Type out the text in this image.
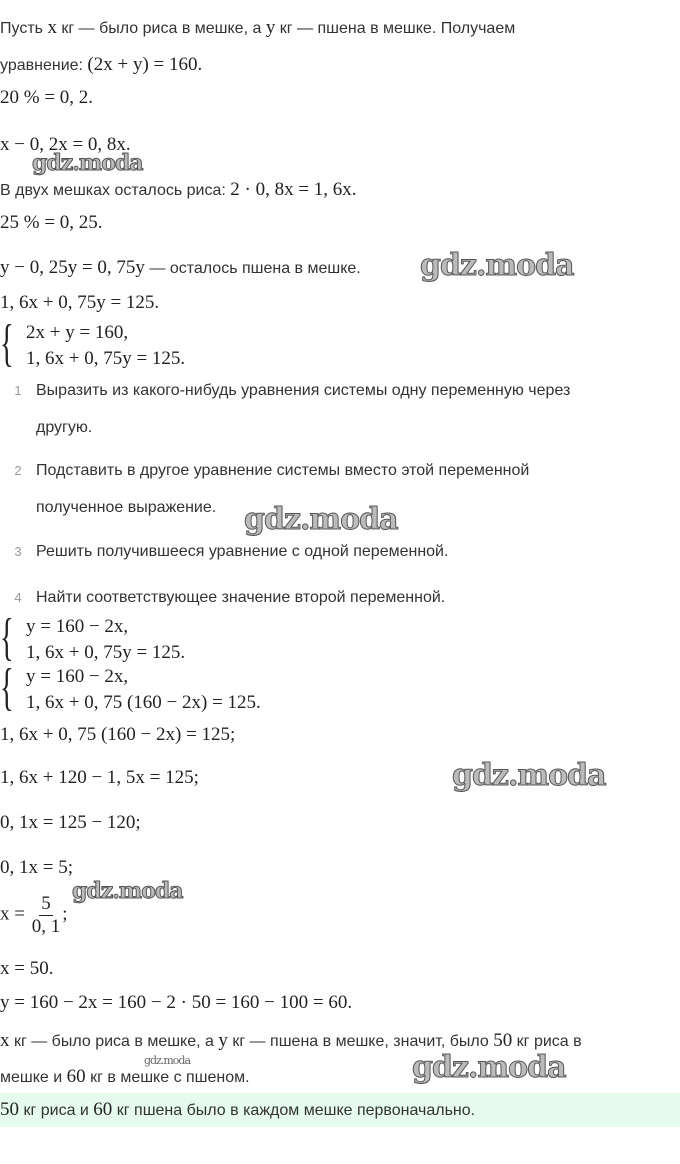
Пусть x кг — было риса в мешке, а y кг — пшена в мешке. Получаем
уравнение: (2x + y) = 160.
20 % = 0, 2.
x − 0, 2x = 0, 8x.
В двух мешках осталось риса: 2 · 0, 8x = 1, 6x.
25 % = 0, 25.
y − 0, 25y = 0, 75y — осталось пшена в мешке.
1, 6x + 0, 75y = 125.
{ 2x + y = 160,
1, 6x + 0, 75y = 125.
1 Выразить из какого-нибудь уравнения системы одну переменную через
другую.
2 Подставить в другое уравнение системы вместо этой переменной
полученное выражение.
3 Решить получившееся уравнение с одной переменной.
4 Найти соответствующее значение второй переменной.
{ y = 160 − 2x,
1, 6x + 0, 75y = 125.
{ y = 160 − 2x,
1, 6x + 0, 75 (160 − 2x) = 125.
1, 6x + 0, 75 (160 − 2x) = 125;
1, 6x + 120 − 1, 5x = 125;
0, 1x = 125 − 120;
0, 1x = 5;
$x = \frac{5}{0, 1}$ ;
x = 50.
y = 160 − 2x = 160 − 2 · 50 = 160 − 100 = 60.
x кг — было риса в мешке, а y кг — пшена в мешке, значит, было 50 кг риса в
мешке и 60 кг в мешке с пшеном.
50 кг риса и 60 кг пшена было в каждом мешке первоначально.
gdz.moda
gdz.moda
gdz.moda
gdz.moda
gdz.moda
gdz.moda	gdz.moda
